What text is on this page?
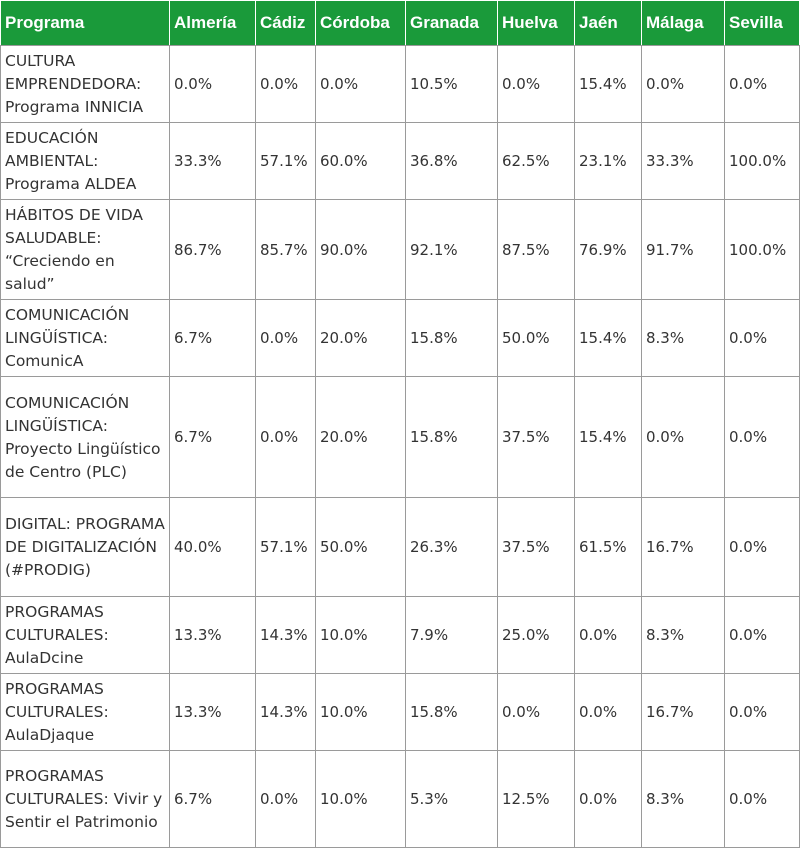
Programa	Almería	Cádiz	Córdoba	Granada	Huelva	Jaén	Málaga	Sevilla
CULTURA EMPRENDEDORA: Programa INNICIA	0.0%	0.0%	0.0%	10.5%	0.0%	15.4%	0.0%	0.0%
EDUCACIÓN AMBIENTAL: Programa ALDEA	33.3%	57.1%	60.0%	36.8%	62.5%	23.1%	33.3%	100.0%
HÁBITOS DE VIDA SALUDABLE: “Creciendo en salud”	86.7%	85.7%	90.0%	92.1%	87.5%	76.9%	91.7%	100.0%
COMUNICACIÓN LINGÜÍSTICA: ComunicA	6.7%	0.0%	20.0%	15.8%	50.0%	15.4%	8.3%	0.0%
COMUNICACIÓN LINGÜÍSTICA: Proyecto Lingüístico de Centro (PLC)	6.7%	0.0%	20.0%	15.8%	37.5%	15.4%	0.0%	0.0%
DIGITAL: PROGRAMA DE DIGITALIZACIÓN (#PRODIG)	40.0%	57.1%	50.0%	26.3%	37.5%	61.5%	16.7%	0.0%
PROGRAMAS CULTURALES: AulaDcine	13.3%	14.3%	10.0%	7.9%	25.0%	0.0%	8.3%	0.0%
PROGRAMAS CULTURALES: AulaDjaque	13.3%	14.3%	10.0%	15.8%	0.0%	0.0%	16.7%	0.0%
PROGRAMAS CULTURALES: Vivir y Sentir el Patrimonio	6.7%	0.0%	10.0%	5.3%	12.5%	0.0%	8.3%	0.0%
